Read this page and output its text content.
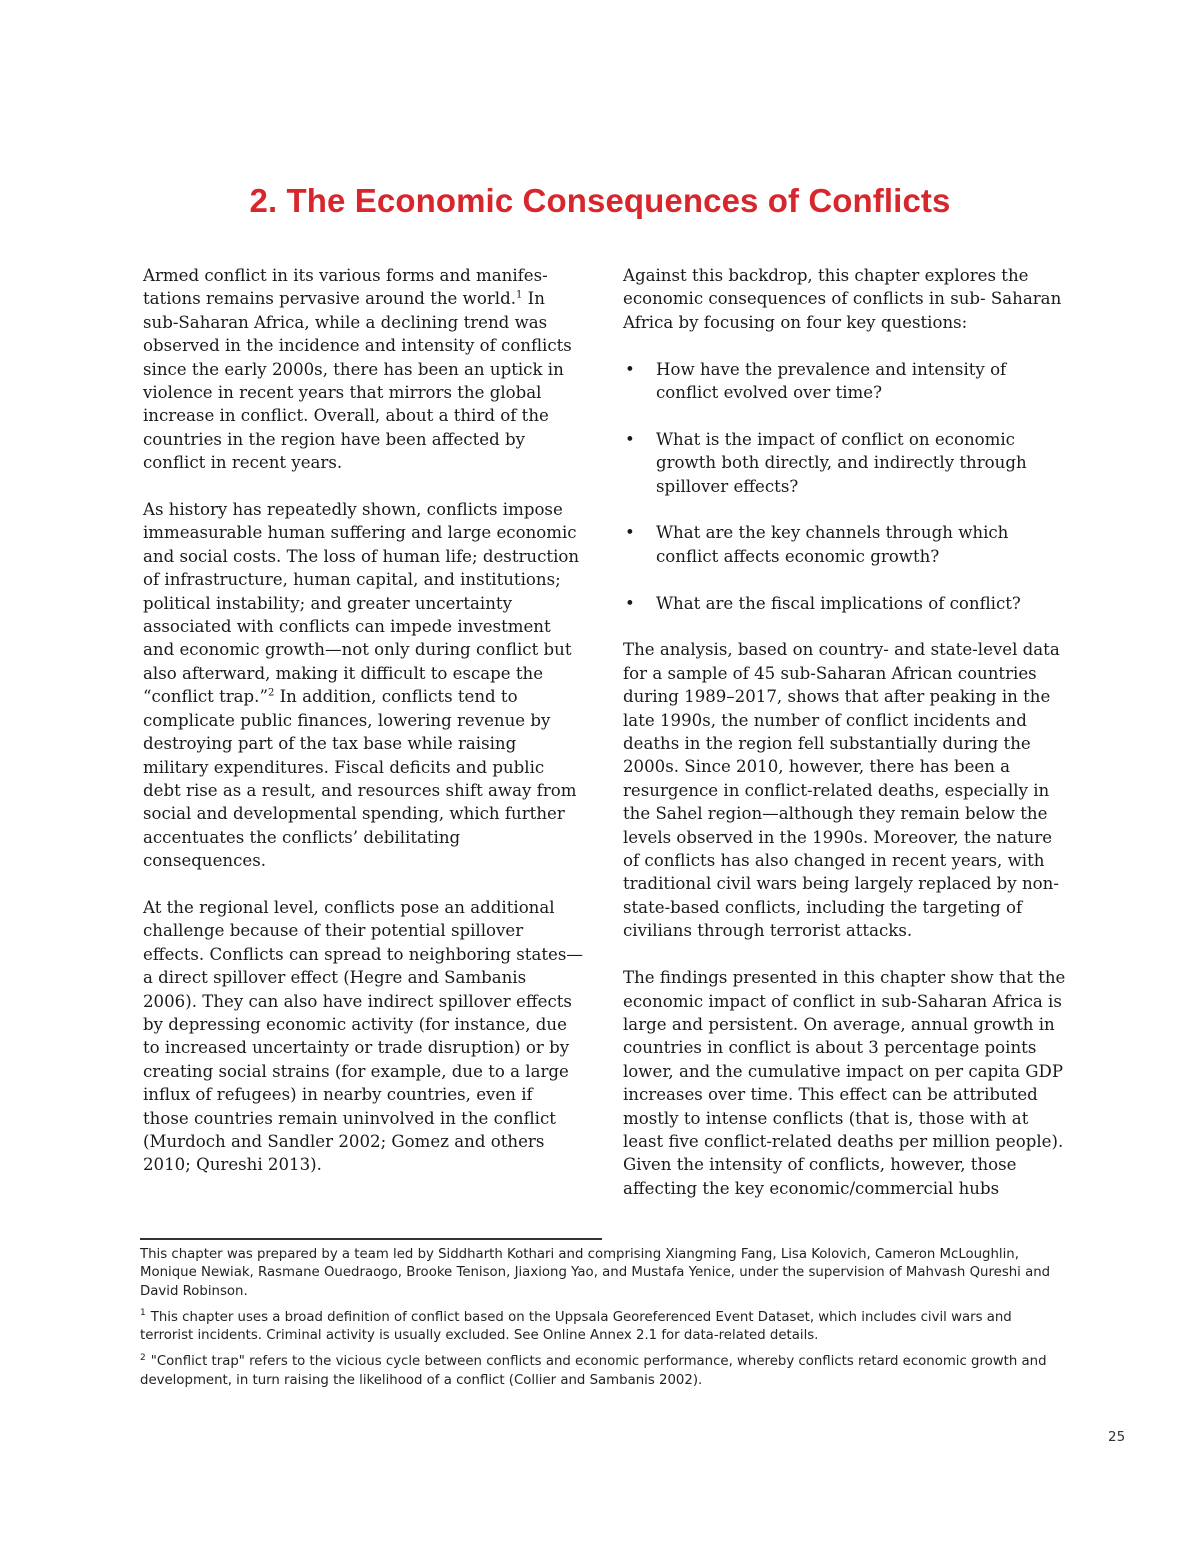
2. The Economic Consequences of Conflicts

Armed conflict in its various forms and manifes- tations remains pervasive around the world.$^1$ In sub-Saharan Africa, while a declining trend was observed in the incidence and intensity of conflicts since the early 2000s, there has been an uptick in violence in recent years that mirrors the global increase in conflict. Overall, about a third of the countries in the region have been affected by conflict in recent years.

As history has repeatedly shown, conflicts impose immeasurable human suffering and large economic and social costs. The loss of human life; destruction of infrastructure, human capital, and institutions; political instability; and greater uncertainty associated with conflicts can impede investment and economic growth—not only during conflict but also afterward, making it difficult to escape the “conflict trap.”$^2$ In addition, conflicts tend to complicate public finances, lowering revenue by destroying part of the tax base while raising military expenditures. Fiscal deficits and public debt rise as a result, and resources shift away from social and developmental spending, which further accentuates the conflicts’ debilitating consequences.

At the regional level, conflicts pose an additional challenge because of their potential spillover effects. Conflicts can spread to neighboring states—a direct spillover effect (Hegre and Sambanis 2006). They can also have indirect spillover effects by depressing economic activity (for instance, due to increased uncertainty or trade disruption) or by creating social strains (for example, due to a large influx of refugees) in nearby countries, even if those countries remain uninvolved in the conflict (Murdoch and Sandler 2002; Gomez and others 2010; Qureshi 2013).

Against this backdrop, this chapter explores the economic consequences of conflicts in sub- Saharan Africa by focusing on four key questions:

• How have the prevalence and intensity of conflict evolved over time?
• What is the impact of conflict on economic growth both directly, and indirectly through spillover effects?
• What are the key channels through which conflict affects economic growth?
• What are the fiscal implications of conflict?

The analysis, based on country- and state-level data for a sample of 45 sub-Saharan African countries during 1989–2017, shows that after peaking in the late 1990s, the number of conflict incidents and deaths in the region fell substantially during the 2000s. Since 2010, however, there has been a resurgence in conflict-related deaths, especially in the Sahel region—although they remain below the levels observed in the 1990s. Moreover, the nature of conflicts has also changed in recent years, with traditional civil wars being largely replaced by non-state-based conflicts, including the targeting of civilians through terrorist attacks.

The findings presented in this chapter show that the economic impact of conflict in sub-Saharan Africa is large and persistent. On average, annual growth in countries in conflict is about 3 percentage points lower, and the cumulative impact on per capita GDP increases over time. This effect can be attributed mostly to intense conflicts (that is, those with at least five conflict-related deaths per million people). Given the intensity of conflicts, however, those affecting the key economic/commercial hubs

This chapter was prepared by a team led by Siddharth Kothari and comprising Xiangming Fang, Lisa Kolovich, Cameron McLoughlin, Monique Newiak, Rasmane Ouedraogo, Brooke Tenison, Jiaxiong Yao, and Mustafa Yenice, under the supervision of Mahvash Qureshi and David Robinson.

$^1$ This chapter uses a broad definition of conflict based on the Uppsala Georeferenced Event Dataset, which includes civil wars and terrorist incidents. Criminal activity is usually excluded. See Online Annex 2.1 for data-related details.

$^2$ "Conflict trap" refers to the vicious cycle between conflicts and economic performance, whereby conflicts retard economic growth and development, in turn raising the likelihood of a conflict (Collier and Sambanis 2002).

25
